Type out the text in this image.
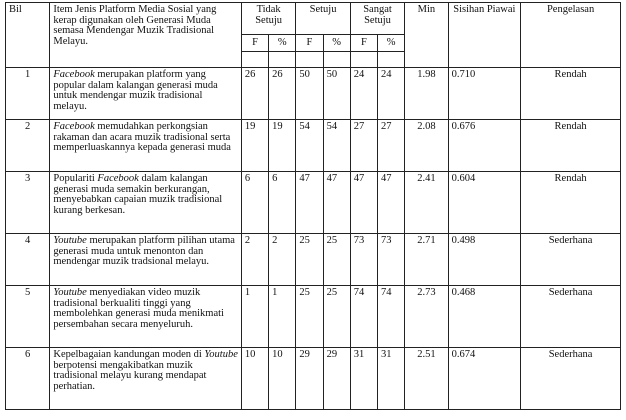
Bil	Item Jenis Platform Media Sosial yang kerap digunakan oleh Generasi Muda semasa Mendengar Muzik Tradisional Melayu.	Tidak Setuju		Setuju		Sangat Setuju		Min	Sisihan Piawai	Pengelasan
		F	%	F	%	F	%			

1	Facebook merupakan platform yang popular dalam kalangan generasi muda untuk mendengar muzik tradisional melayu.	26	26	50	50	24	24	1.98	0.710	Rendah
2	Facebook memudahkan perkongsian rakaman dan acara muzik tradisional serta memperluaskannya kepada generasi muda	19	19	54	54	27	27	2.08	0.676	Rendah
3	Populariti Facebook dalam kalangan generasi muda semakin berkurangan, menyebabkan capaian muzik tradisional kurang berkesan.	6	6	47	47	47	47	2.41	0.604	Rendah
4	Youtube merupakan platform pilihan utama generasi muda untuk menonton dan mendengar muzik tradsional melayu.	2	2	25	25	73	73	2.71	0.498	Sederhana
5	Youtube menyediakan video muzik tradisional berkualiti tinggi yang membolehkan generasi muda menikmati persembahan secara menyeluruh.	1	1	25	25	74	74	2.73	0.468	Sederhana
6	Kepelbagaian kandungan moden di Youtube berpotensi mengakibatkan muzik tradisional melayu kurang mendapat perhatian.	10	10	29	29	31	31	2.51	0.674	Sederhana
